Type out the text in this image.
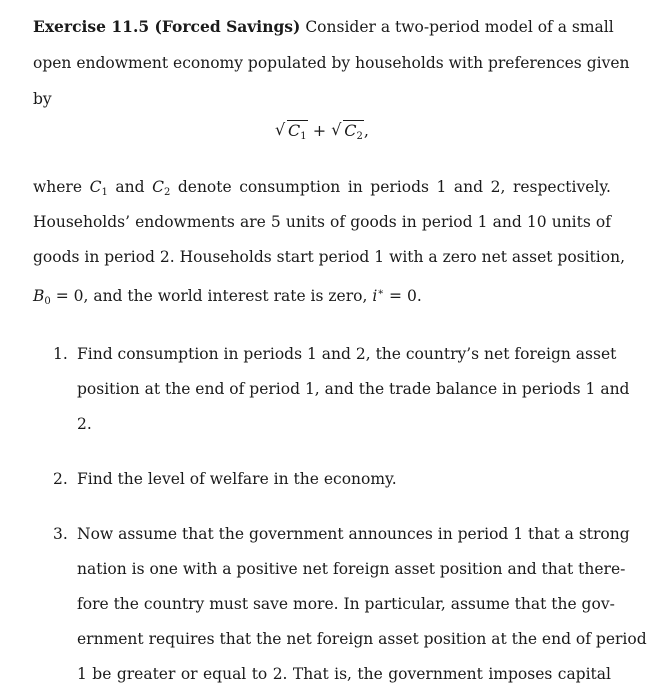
Exercise 11.5 (Forced Savings) Consider a two-period model of a small
open endowment economy populated by households with preferences given
by
√ $C_1$ + √ $C_2$,
where $C_1$ and $C_2$ denote consumption in periods 1 and 2, respectively.
Households’ endowments are 5 units of goods in period 1 and 10 units of
goods in period 2. Households start period 1 with a zero net asset position,
$B_0 = 0$, and the world interest rate is zero, i∗ = 0.
1. Find consumption in periods 1 and 2, the country’s net foreign asset
position at the end of period 1, and the trade balance in periods 1 and
2.
2. Find the level of welfare in the economy.
3. Now assume that the government announces in period 1 that a strong
nation is one with a positive net foreign asset position and that there-
fore the country must save more. In particular, assume that the gov-
ernment requires that the net foreign asset position at the end of period
1 be greater or equal to 2. That is, the government imposes capital
